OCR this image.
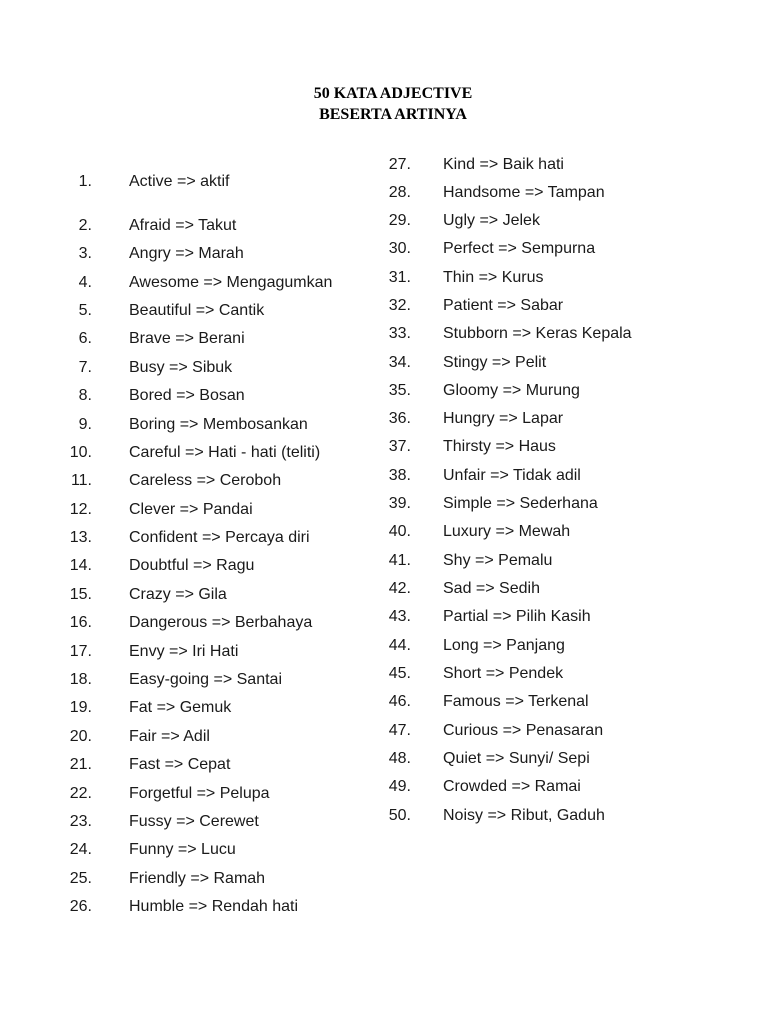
50 KATA ADJECTIVE
BESERTA ARTINYA
1. Active => aktif
2. Afraid => Takut
3. Angry => Marah
4. Awesome => Mengagumkan
5. Beautiful => Cantik
6. Brave => Berani
7. Busy => Sibuk
8. Bored => Bosan
9. Boring => Membosankan
10. Careful => Hati - hati (teliti)
11. Careless => Ceroboh
12. Clever => Pandai
13. Confident => Percaya diri
14. Doubtful => Ragu
15. Crazy => Gila
16. Dangerous => Berbahaya
17. Envy => Iri Hati
18. Easy-going => Santai
19. Fat => Gemuk
20. Fair => Adil
21. Fast => Cepat
22. Forgetful => Pelupa
23. Fussy => Cerewet
24. Funny => Lucu
25. Friendly => Ramah
26. Humble => Rendah hati
27. Kind => Baik hati
28. Handsome => Tampan
29. Ugly => Jelek
30. Perfect => Sempurna
31. Thin => Kurus
32. Patient => Sabar
33. Stubborn => Keras Kepala
34. Stingy => Pelit
35. Gloomy => Murung
36. Hungry => Lapar
37. Thirsty => Haus
38. Unfair => Tidak adil
39. Simple => Sederhana
40. Luxury => Mewah
41. Shy => Pemalu
42. Sad => Sedih
43. Partial => Pilih Kasih
44. Long => Panjang
45. Short => Pendek
46. Famous => Terkenal
47. Curious => Penasaran
48. Quiet => Sunyi/ Sepi
49. Crowded => Ramai
50. Noisy => Ribut, Gaduh
